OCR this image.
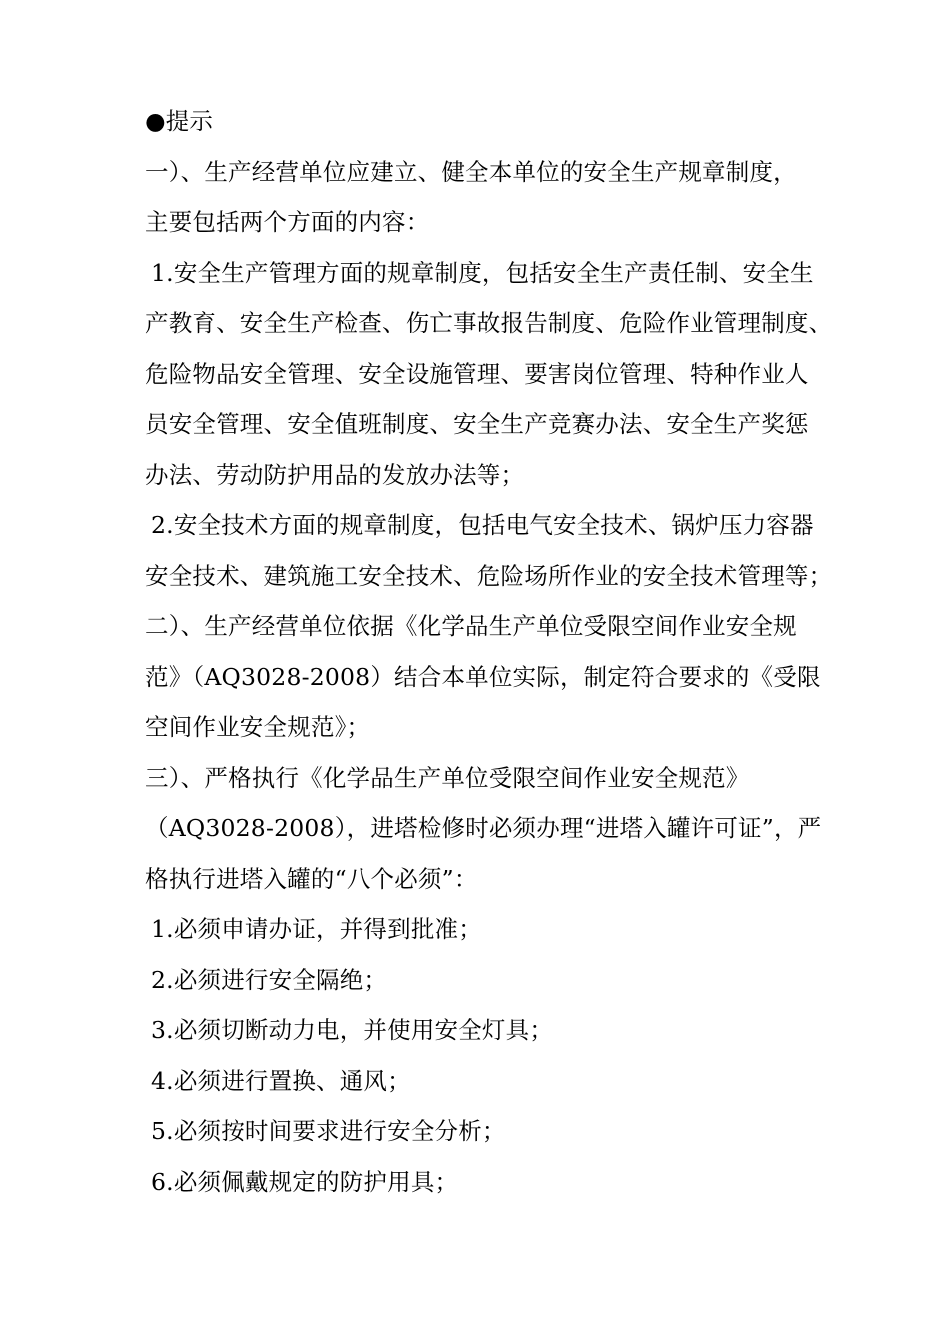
●提示
一）、生产经营单位应建立、健全本单位的安全生产规章制度，
主要包括两个方面的内容：
1.安全生产管理方面的规章制度，包括安全生产责任制、安全生
产教育、安全生产检查、伤亡事故报告制度、危险作业管理制度、
危险物品安全管理、安全设施管理、要害岗位管理、特种作业人
员安全管理、安全值班制度、安全生产竞赛办法、安全生产奖惩
办法、劳动防护用品的发放办法等；
2.安全技术方面的规章制度，包括电气安全技术、锅炉压力容器
安全技术、建筑施工安全技术、危险场所作业的安全技术管理等；
二）、生产经营单位依据《化学品生产单位受限空间作业安全规
范》（AQ3028-2008）结合本单位实际，制定符合要求的《受限
空间作业安全规范》；
三）、严格执行《化学品生产单位受限空间作业安全规范》
（AQ3028-2008），进塔检修时必须办理“进塔入罐许可证”，严
格执行进塔入罐的“八个必须”：
1.必须申请办证，并得到批准；
2.必须进行安全隔绝；
3.必须切断动力电，并使用安全灯具；
4.必须进行置换、通风；
5.必须按时间要求进行安全分析；
6.必须佩戴规定的防护用具；
